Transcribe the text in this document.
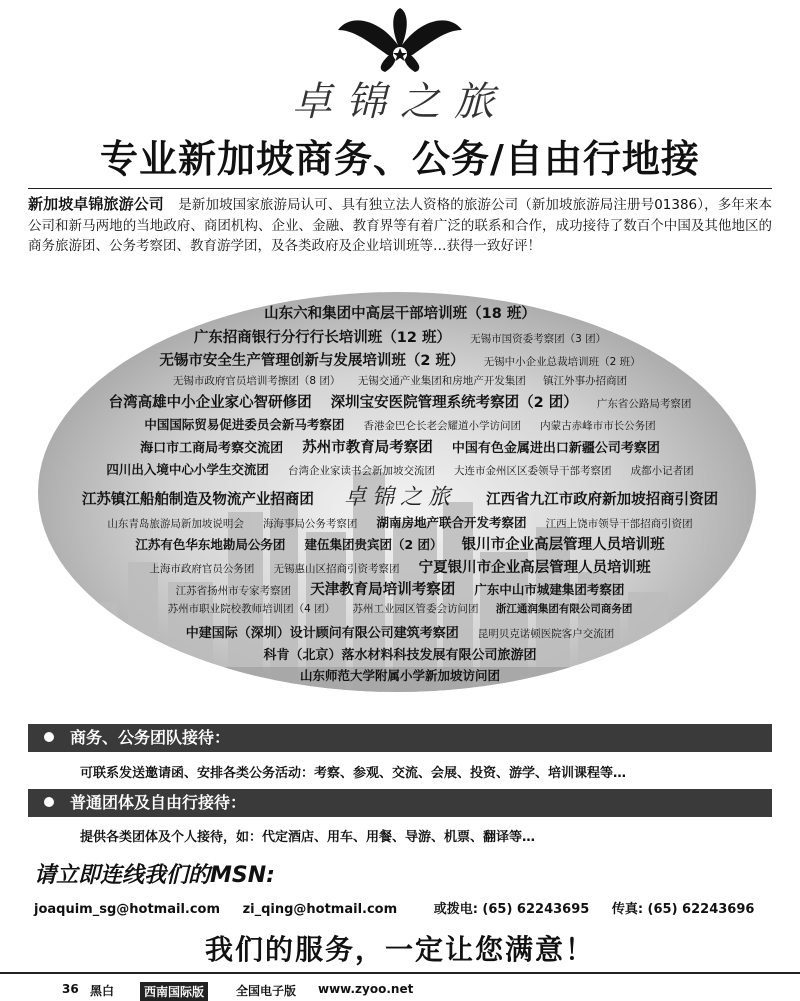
卓锦之旅
专业新加坡商务、公务/自由行地接
新加坡卓锦旅游公司 是新加坡国家旅游局认可、具有独立法人资格的旅游公司（新加坡旅游局注册号01386），多年来本公司和新马两地的当地政府、商团机构、企业、金融、教育界等有着广泛的联系和合作，成功接待了数百个中国及其他地区的商务旅游团、公务考察团、教育游学团，及各类政府及企业培训班等…获得一致好评！
山东六和集团中高层干部培训班（18 班）
广东招商银行分行行长培训班（12 班） 无锡市国资委考察团（3 团）
无锡市安全生产管理创新与发展培训班（2 班） 无锡中小企业总裁培训班（2 班）
无锡市政府官员培训考擦团（8 团） 无锡交通产业集团和房地产开发集团 镇江外事办招商团
台湾高雄中小企业家心智研修团 深圳宝安医院管理系统考察团（2 团） 广东省公路局考察团
中国国际贸易促进委员会新马考察团 香港金巴仑长老会耀道小学访问团 内蒙古赤峰市市长公务团
海口市工商局考察交流团 苏州市教育局考察团 中国有色金属进出口新疆公司考察团
四川出入境中心小学生交流团 台湾企业家读书会新加坡交流团 大连市金州区区委领导干部考察团 成都小记者团
江苏镇江船舶制造及物流产业招商团 卓锦之旅 江西省九江市政府新加坡招商引资团
山东青岛旅游局新加坡说明会 海海事局公务考察团 湖南房地产联合开发考察团 江西上饶市领导干部招商引资团
江苏有色华东地勘局公务团 建伍集团贵宾团（2 团） 银川市企业高层管理人员培训班
上海市政府官员公务团 无锡惠山区招商引资考察团 宁夏银川市企业高层管理人员培训班
江苏省扬州市专家考察团 天津教育局培训考察团 广东中山市城建集团考察团
苏州市职业院校教师培训团（4 团） 苏州工业园区管委会访问团 浙江通润集团有限公司商务团
中建国际（深圳）设计顾问有限公司建筑考察团 昆明贝克诺顿医院客户交流团
科肯（北京）落水材料科技发展有限公司旅游团
山东师范大学附属小学新加坡访问团
商务、公务团队接待：
可联系发送邀请函、安排各类公务活动：考察、参观、交流、会展、投资、游学、培训课程等…
普通团体及自由行接待：
提供各类团体及个人接待，如：代定酒店、用车、用餐、导游、机票、翻译等…
请立即连线我们的MSN:
joaquim_sg@hotmail.com zi_qing@hotmail.com	或拨电: (65) 62243695 传真: (65) 62243696
我们的服务，一定让您满意！
36 黑白	西南国际版	全国电子版 www.zyoo.net
